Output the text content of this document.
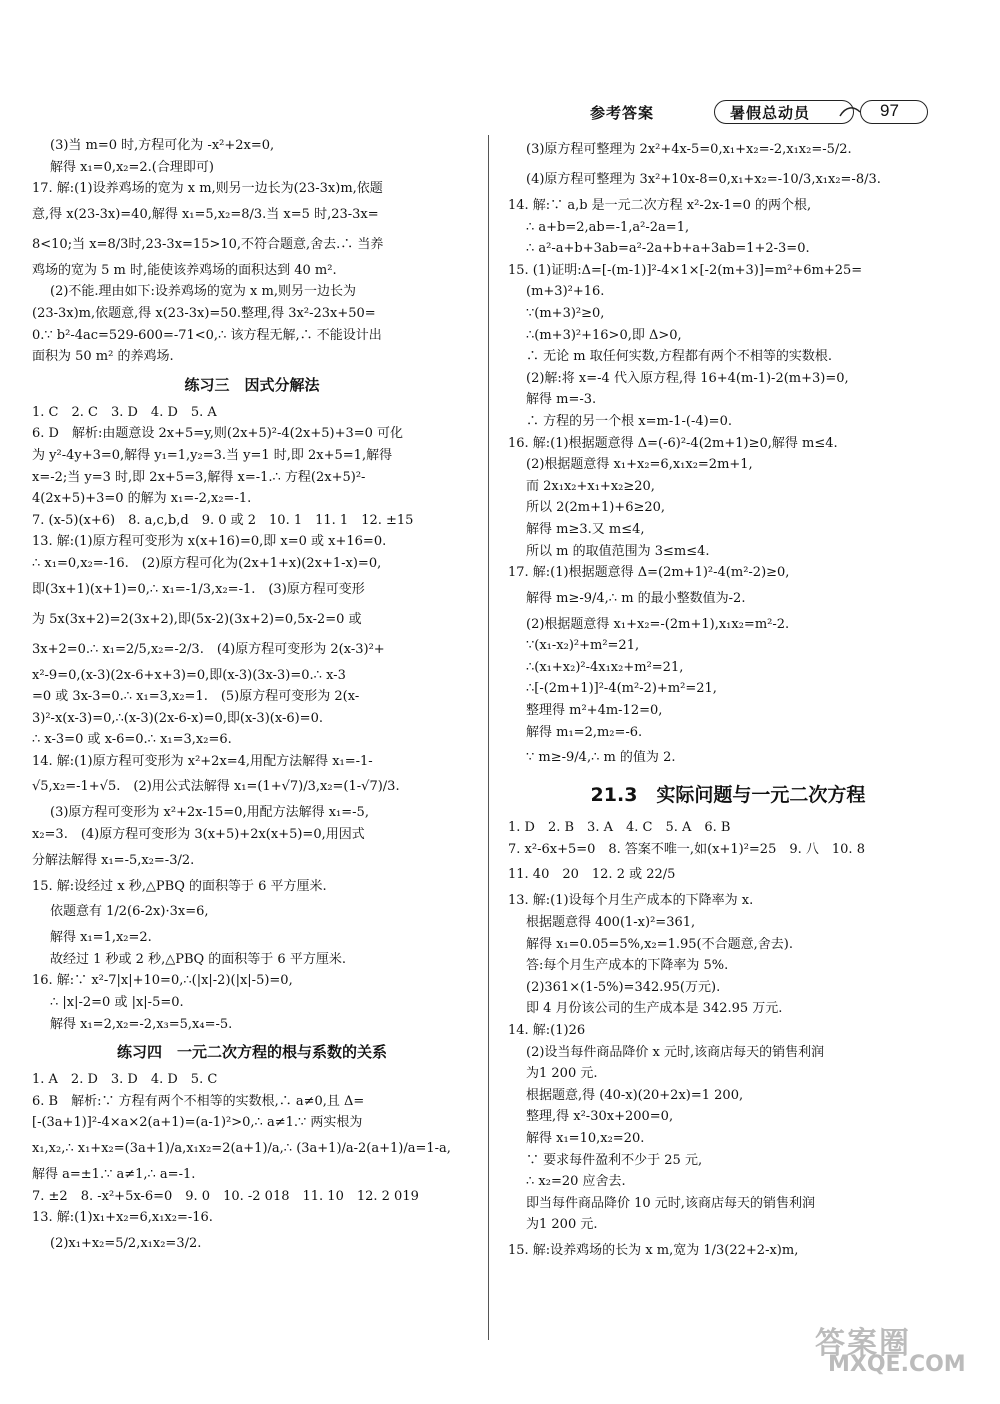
参考答案	暑假总动员	97
(3)当 m=0 时,方程可化为 -x²+2x=0,
解得 x₁=0,x₂=2.(合理即可)
17. 解:(1)设养鸡场的宽为 x m,则另一边长为(23-3x)m,依题
意,得 x(23-3x)=40,解得 x₁=5,x₂=8/3.当 x=5 时,23-3x=
8<10;当 x=8/3时,23-3x=15>10,不符合题意,舍去.∴ 当养
鸡场的宽为 5 m 时,能使该养鸡场的面积达到 40 m².
(2)不能.理由如下:设养鸡场的宽为 x m,则另一边长为
(23-3x)m,依题意,得 x(23-3x)=50.整理,得 3x²-23x+50=
0.∵ b²-4ac=529-600=-71<0,∴ 该方程无解,∴ 不能设计出
面积为 50 m² 的养鸡场.
练习三　因式分解法
1. C　2. C　3. D　4. D　5. A
6. D　解析:由题意设 2x+5=y,则(2x+5)²-4(2x+5)+3=0 可化
为 y²-4y+3=0,解得 y₁=1,y₂=3.当 y=1 时,即 2x+5=1,解得
x=-2;当 y=3 时,即 2x+5=3,解得 x=-1.∴ 方程(2x+5)²-
4(2x+5)+3=0 的解为 x₁=-2,x₂=-1.
7. (x-5)(x+6)　8. a,c,b,d　9. 0 或 2　10. 1　11. 1　12. ±15
13. 解:(1)原方程可变形为 x(x+16)=0,即 x=0 或 x+16=0.
∴ x₁=0,x₂=-16.　(2)原方程可化为(2x+1+x)(2x+1-x)=0,
即(3x+1)(x+1)=0,∴ x₁=-1/3,x₂=-1.　(3)原方程可变形
为 5x(3x+2)=2(3x+2),即(5x-2)(3x+2)=0,5x-2=0 或
3x+2=0.∴ x₁=2/5,x₂=-2/3.　(4)原方程可变形为 2(x-3)²+
x²-9=0,(x-3)(2x-6+x+3)=0,即(x-3)(3x-3)=0.∴ x-3
=0 或 3x-3=0.∴ x₁=3,x₂=1.　(5)原方程可变形为 2(x-
3)²-x(x-3)=0,∴(x-3)(2x-6-x)=0,即(x-3)(x-6)=0.
∴ x-3=0 或 x-6=0.∴ x₁=3,x₂=6.
14. 解:(1)原方程可变形为 x²+2x=4,用配方法解得 x₁=-1-
√5,x₂=-1+√5.　(2)用公式法解得 x₁=(1+√7)/3,x₂=(1-√7)/3.
(3)原方程可变形为 x²+2x-15=0,用配方法解得 x₁=-5,
x₂=3.　(4)原方程可变形为 3(x+5)+2x(x+5)=0,用因式
分解法解得 x₁=-5,x₂=-3/2.
15. 解:设经过 x 秒,△PBQ 的面积等于 6 平方厘米.
依题意有 1/2(6-2x)·3x=6,
解得 x₁=1,x₂=2.
故经过 1 秒或 2 秒,△PBQ 的面积等于 6 平方厘米.
16. 解:∵ x²-7|x|+10=0,∴(|x|-2)(|x|-5)=0,
∴ |x|-2=0 或 |x|-5=0.
解得 x₁=2,x₂=-2,x₃=5,x₄=-5.
练习四　一元二次方程的根与系数的关系
1. A　2. D　3. D　4. D　5. C
6. B　解析:∵ 方程有两个不相等的实数根,∴ a≠0,且 Δ=
[-(3a+1)]²-4×a×2(a+1)=(a-1)²>0,∴ a≠1.∵ 两实根为
x₁,x₂,∴ x₁+x₂=(3a+1)/a,x₁x₂=2(a+1)/a,∴ (3a+1)/a-2(a+1)/a=1-a,
解得 a=±1.∵ a≠1,∴ a=-1.
7. ±2　8. -x²+5x-6=0　9. 0　10. -2 018　11. 10　12. 2 019
13. 解:(1)x₁+x₂=6,x₁x₂=-16.
(2)x₁+x₂=5/2,x₁x₂=3/2.
(3)原方程可整理为 2x²+4x-5=0,x₁+x₂=-2,x₁x₂=-5/2.
(4)原方程可整理为 3x²+10x-8=0,x₁+x₂=-10/3,x₁x₂=-8/3.
14. 解:∵ a,b 是一元二次方程 x²-2x-1=0 的两个根,
∴ a+b=2,ab=-1,a²-2a=1,
∴ a²-a+b+3ab=a²-2a+b+a+3ab=1+2-3=0.
15. (1)证明:Δ=[-(m-1)]²-4×1×[-2(m+3)]=m²+6m+25=
(m+3)²+16.
∵(m+3)²≥0,
∴(m+3)²+16>0,即 Δ>0,
∴ 无论 m 取任何实数,方程都有两个不相等的实数根.
(2)解:将 x=-4 代入原方程,得 16+4(m-1)-2(m+3)=0,
解得 m=-3.
∴ 方程的另一个根 x=m-1-(-4)=0.
16. 解:(1)根据题意得 Δ=(-6)²-4(2m+1)≥0,解得 m≤4.
(2)根据题意得 x₁+x₂=6,x₁x₂=2m+1,
而 2x₁x₂+x₁+x₂≥20,
所以 2(2m+1)+6≥20,
解得 m≥3.又 m≤4,
所以 m 的取值范围为 3≤m≤4.
17. 解:(1)根据题意得 Δ=(2m+1)²-4(m²-2)≥0,
解得 m≥-9/4,∴ m 的最小整数值为-2.
(2)根据题意得 x₁+x₂=-(2m+1),x₁x₂=m²-2.
∵(x₁-x₂)²+m²=21,
∴(x₁+x₂)²-4x₁x₂+m²=21,
∴[-(2m+1)]²-4(m²-2)+m²=21,
整理得 m²+4m-12=0,
解得 m₁=2,m₂=-6.
∵ m≥-9/4,∴ m 的值为 2.
21.3　实际问题与一元二次方程
1. D　2. B　3. A　4. C　5. A　6. B
7. x²-6x+5=0　8. 答案不唯一,如(x+1)²=25　9. 八　10. 8
11. 40　20　12. 2 或 22/5
13. 解:(1)设每个月生产成本的下降率为 x.
根据题意得 400(1-x)²=361,
解得 x₁=0.05=5%,x₂=1.95(不合题意,舍去).
答:每个月生产成本的下降率为 5%.
(2)361×(1-5%)=342.95(万元).
即 4 月份该公司的生产成本是 342.95 万元.
14. 解:(1)26
(2)设当每件商品降价 x 元时,该商店每天的销售利润
为1 200 元.
根据题意,得 (40-x)(20+2x)=1 200,
整理,得 x²-30x+200=0,
解得 x₁=10,x₂=20.
∵ 要求每件盈利不少于 25 元,
∴ x₂=20 应舍去.
即当每件商品降价 10 元时,该商店每天的销售利润
为1 200 元.
15. 解:设养鸡场的长为 x m,宽为 1/3(22+2-x)m,
答案圈
MXQE.COM
